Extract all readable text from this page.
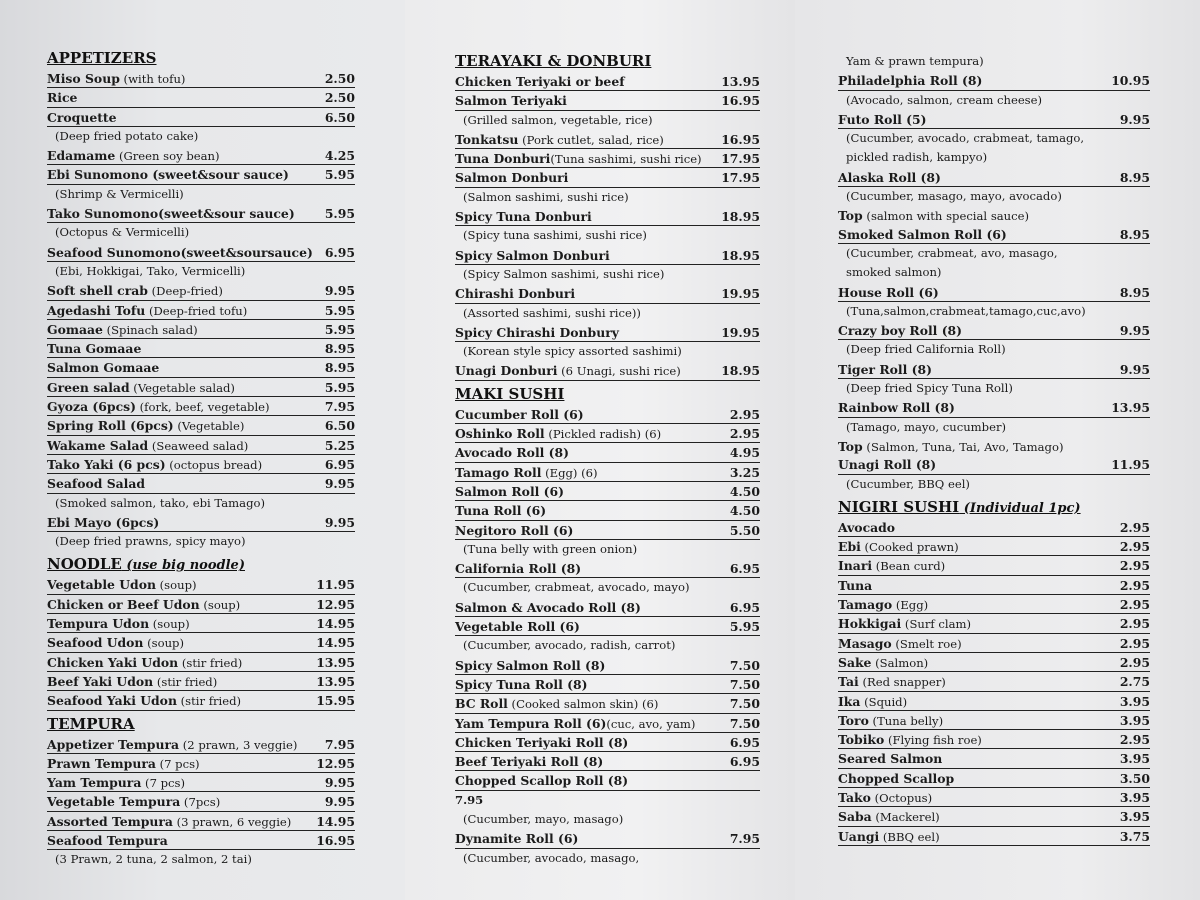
APPETIZERS
Miso Soup (with tofu)	2.50
Rice	2.50
Croquette	6.50
(Deep fried potato cake)
Edamame (Green soy bean)	4.25
Ebi Sunomono (sweet&sour sauce)	5.95
(Shrimp & Vermicelli)
Tako Sunomono(sweet&sour sauce) 5.95
(Octopus & Vermicelli)
Seafood Sunomono(sweet&soursauce) 6.95
(Ebi, Hokkigai, Tako, Vermicelli)
Soft shell crab (Deep-fried)	9.95
Agedashi Tofu (Deep-fried tofu)	5.95
Gomaae (Spinach salad)	5.95
Tuna Gomaae	8.95
Salmon Gomaae	8.95
Green salad (Vegetable salad)	5.95
Gyoza (6pcs) (fork, beef, vegetable)	7.95
Spring Roll (6pcs) (Vegetable)	6.50
Wakame Salad (Seaweed salad)	5.25
Tako Yaki (6 pcs) (octopus bread)	6.95
Seafood Salad	9.95
(Smoked salmon, tako, ebi Tamago)
Ebi Mayo (6pcs)	9.95
(Deep fried prawns, spicy mayo)
NOODLE (use big noodle)
Vegetable Udon (soup)	11.95
Chicken or Beef Udon (soup)	12.95
Tempura Udon (soup)	14.95
Seafood Udon (soup)	14.95
Chicken Yaki Udon (stir fried)	13.95
Beef Yaki Udon (stir fried)	13.95
Seafood Yaki Udon (stir fried)	15.95
TEMPURA
Appetizer Tempura (2 prawn, 3 veggie) 7.95
Prawn Tempura (7 pcs)	12.95
Yam Tempura (7 pcs)	9.95
Vegetable Tempura (7pcs)	9.95
Assorted Tempura (3 prawn, 6 veggie) 14.95
Seafood Tempura	16.95
(3 Prawn, 2 tuna, 2 salmon, 2 tai)
TERAYAKI & DONBURI
Chicken Teriyaki or beef	13.95
Salmon Teriyaki	16.95
(Grilled salmon, vegetable, rice)
Tonkatsu (Pork cutlet, salad, rice)	16.95
Tuna Donburi(Tuna sashimi, sushi rice) 17.95
Salmon Donburi	17.95
(Salmon sashimi, sushi rice)
Spicy Tuna Donburi	18.95
(Spicy tuna sashimi, sushi rice)
Spicy Salmon Donburi	18.95
(Spicy Salmon sashimi, sushi rice)
Chirashi Donburi	19.95
(Assorted sashimi, sushi rice))
Spicy Chirashi Donbury	19.95
(Korean style spicy assorted sashimi)
Unagi Donburi (6 Unagi, sushi rice)	18.95
MAKI SUSHI
Cucumber Roll (6)	2.95
Oshinko Roll (Pickled radish) (6)	2.95
Avocado Roll (8)	4.95
Tamago Roll (Egg) (6)	3.25
Salmon Roll (6)	4.50
Tuna Roll (6)	4.50
Negitoro Roll (6)	5.50
(Tuna belly with green onion)
California Roll (8)	6.95
(Cucumber, crabmeat, avocado, mayo)
Salmon & Avocado Roll (8)	6.95
Vegetable Roll (6)	5.95
(Cucumber, avocado, radish, carrot)
Spicy Salmon Roll (8)	7.50
Spicy Tuna Roll (8)	7.50
BC Roll (Cooked salmon skin) (6)	7.50
Yam Tempura Roll (6)(cuc, avo, yam)	7.50
Chicken Teriyaki Roll (8)	6.95
Beef Teriyaki Roll (8)	6.95
Chopped Scallop Roll (8)
7.95
(Cucumber, mayo, masago)
Dynamite Roll (6)	7.95
(Cucumber, avocado, masago,
Yam & prawn tempura)
Philadelphia Roll (8)	10.95
(Avocado, salmon, cream cheese)
Futo Roll (5)	9.95
(Cucumber, avocado, crabmeat, tamago,
pickled radish, kampyo)
Alaska Roll (8)	8.95
(Cucumber, masago, mayo, avocado)
Top (salmon with special sauce)
Smoked Salmon Roll (6)	8.95
(Cucumber, crabmeat, avo, masago,
smoked salmon)
House Roll (6)	8.95
(Tuna,salmon,crabmeat,tamago,cuc,avo)
Crazy boy Roll (8)	9.95
(Deep fried California Roll)
Tiger Roll (8)	9.95
(Deep fried Spicy Tuna Roll)
Rainbow Roll (8)	13.95
(Tamago, mayo, cucumber)
Top (Salmon, Tuna, Tai, Avo, Tamago)
Unagi Roll (8)	11.95
(Cucumber, BBQ eel)
NIGIRI SUSHI (Individual 1pc)
Avocado	2.95
Ebi (Cooked prawn)	2.95
Inari (Bean curd)	2.95
Tuna	2.95
Tamago (Egg)	2.95
Hokkigai (Surf clam)	2.95
Masago (Smelt roe)	2.95
Sake (Salmon)	2.95
Tai (Red snapper)	2.75
Ika (Squid)	3.95
Toro (Tuna belly)	3.95
Tobiko (Flying fish roe)	2.95
Seared Salmon	3.95
Chopped Scallop	3.50
Tako (Octopus)	3.95
Saba (Mackerel)	3.95
Uangi (BBQ eel)	3.75
